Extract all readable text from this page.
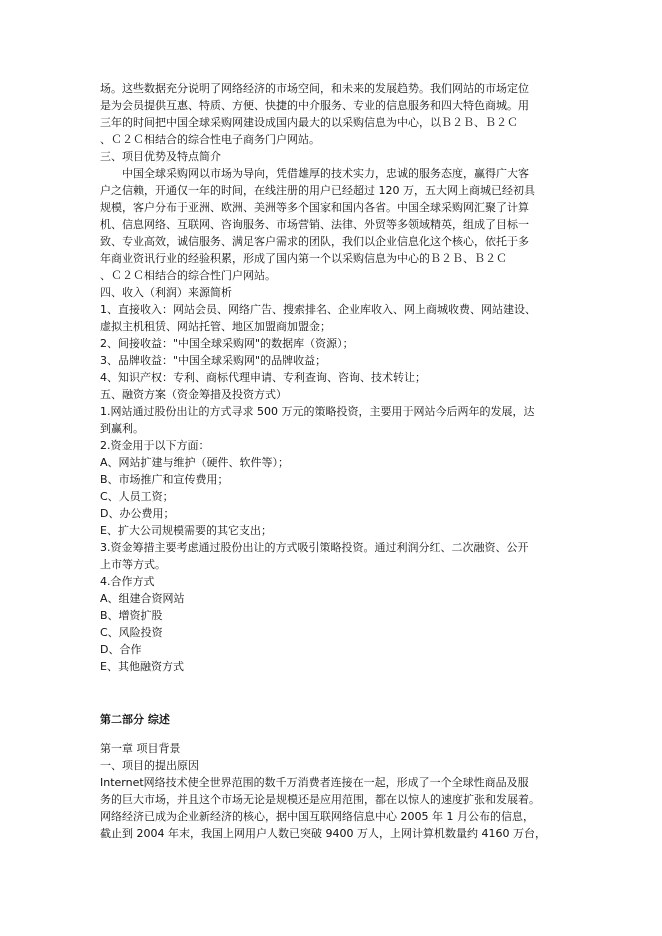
场。这些数据充分说明了网络经济的市场空间，和未来的发展趋势。我们网站的市场定位
是为会员提供互惠、特质、方便、快捷的中介服务、专业的信息服务和四大特色商城。用
三年的时间把中国全球采购网建设成国内最大的以采购信息为中心，以Ｂ２Ｂ、Ｂ２Ｃ
、Ｃ２Ｃ相结合的综合性电子商务门户网站。
三、项目优势及特点简介
中国全球采购网以市场为导向，凭借雄厚的技术实力，忠诚的服务态度，赢得广大客
户之信赖，开通仅一年的时间，在线注册的用户已经超过 120 万，五大网上商城已经初具
规模，客户分布于亚洲、欧洲、美洲等多个国家和国内各省。中国全球采购网汇聚了计算
机、信息网络、互联网、咨询服务、市场营销、法律、外贸等多领域精英，组成了目标一
致、专业高效，诚信服务、满足客户需求的团队，我们以企业信息化这个核心，依托于多
年商业资讯行业的经验积累，形成了国内第一个以采购信息为中心的Ｂ２Ｂ、Ｂ２Ｃ
、Ｃ２Ｃ相结合的综合性门户网站。
四、收入（利润）来源简析
1、直接收入：网站会员、网络广告、搜索排名、企业库收入、网上商城收费、网站建设、
虚拟主机租赁、网站托管、地区加盟商加盟金；
2、间接收益："中国全球采购网"的数据库（资源）；
3、品牌收益："中国全球采购网"的品牌收益；
4、知识产权：专利、商标代理申请、专利查询、咨询、技术转让；
五、融资方案（资金筹措及投资方式）
1.网站通过股份出让的方式寻求 500 万元的策略投资，主要用于网站今后两年的发展，达
到赢利。
2.资金用于以下方面：
A、网站扩建与维护（硬件、软件等）；
B、市场推广和宣传费用；
C、人员工资；
D、办公费用；
E、扩大公司规模需要的其它支出；
3.资金筹措主要考虑通过股份出让的方式吸引策略投资。通过利润分红、二次融资、公开
上市等方式。
4.合作方式
A、组建合资网站
B、增资扩股
C、风险投资
D、合作
E、其他融资方式
第二部分 综述
第一章 项目背景
一、项目的提出原因
Internet网络技术使全世界范围的数千万消费者连接在一起，形成了一个全球性商品及服
务的巨大市场，并且这个市场无论是规模还是应用范围，都在以惊人的速度扩张和发展着。
网络经济已成为企业新经济的核心，据中国互联网络信息中心 2005 年 1 月公布的信息，
截止到 2004 年末，我国上网用户人数已突破 9400 万人，上网计算机数量约 4160 万台，
